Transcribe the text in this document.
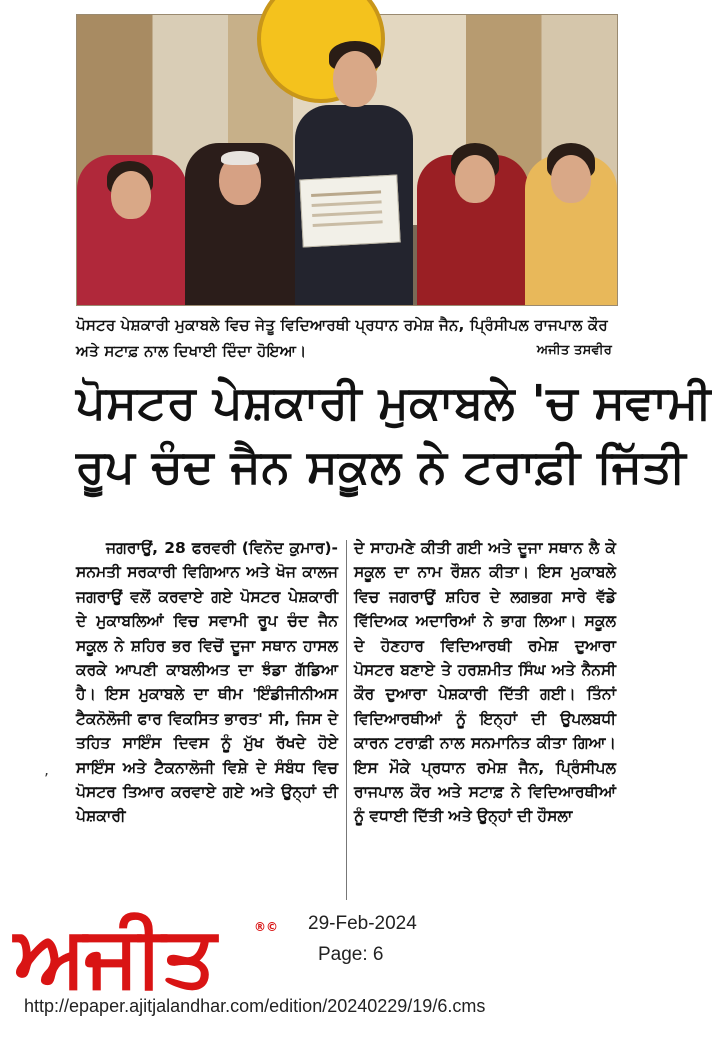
ਪੋਸਟਰ ਪੇਸ਼ਕਾਰੀ ਮੁਕਾਬਲੇ ਵਿਚ ਜੇਤੂ ਵਿਦਿਆਰਥੀ ਪ੍ਰਧਾਨ ਰਮੇਸ਼ ਜੈਨ, ਪ੍ਰਿੰਸੀਪਲ ਰਾਜਪਾਲ ਕੌਰ ਅਤੇ ਸਟਾਫ਼ ਨਾਲ ਦਿਖਾਈ ਦਿੰਦਾ ਹੋਇਆ।	ਅਜੀਤ ਤਸਵੀਰ
ਪੋਸਟਰ ਪੇਸ਼ਕਾਰੀ ਮੁਕਾਬਲੇ 'ਚ ਸਵਾਮੀ
ਰੂਪ ਚੰਦ ਜੈਨ ਸਕੂਲ ਨੇ ਟਰਾਫ਼ੀ ਜਿੱਤੀ
ਜਗਰਾਉਂ, 28 ਫਰਵਰੀ (ਵਿਨੋਦ ਕੁਮਾਰ)-ਸਨਮਤੀ ਸਰਕਾਰੀ ਵਿਗਿਆਨ ਅਤੇ ਖੋਜ ਕਾਲਜ ਜਗਰਾਉਂ ਵਲੋਂ ਕਰਵਾਏ ਗਏ ਪੋਸਟਰ ਪੇਸ਼ਕਾਰੀ ਦੇ ਮੁਕਾਬਲਿਆਂ ਵਿਚ ਸਵਾਮੀ ਰੂਪ ਚੰਦ ਜੈਨ ਸਕੂਲ ਨੇ ਸ਼ਹਿਰ ਭਰ ਵਿਚੋਂ ਦੂਜਾ ਸਥਾਨ ਹਾਸਲ ਕਰਕੇ ਆਪਣੀ ਕਾਬਲੀਅਤ ਦਾ ਝੰਡਾ ਗੱਡਿਆ ਹੈ। ਇਸ ਮੁਕਾਬਲੇ ਦਾ ਥੀਮ 'ਇੰਡੀਜੀਨੀਅਸ ਟੈਕਨੋਲੋਜੀ ਫਾਰ ਵਿਕਸਿਤ ਭਾਰਤ' ਸੀ, ਜਿਸ ਦੇ ਤਹਿਤ ਸਾਇੰਸ ਦਿਵਸ ਨੂੰ ਮੁੱਖ ਰੱਖਦੇ ਹੋਏ ਸਾਇੰਸ ਅਤੇ ਟੈਕਨਾਲੋਜੀ ਵਿਸ਼ੇ ਦੇ ਸੰਬੰਧ ਵਿਚ ਪੋਸਟਰ ਤਿਆਰ ਕਰਵਾਏ ਗਏ ਅਤੇ ਉਨ੍ਹਾਂ ਦੀ ਪੇਸ਼ਕਾਰੀ
ਦੇ ਸਾਹਮਣੇ ਕੀਤੀ ਗਈ ਅਤੇ ਦੂਜਾ ਸਥਾਨ ਲੈ ਕੇ ਸਕੂਲ ਦਾ ਨਾਮ ਰੌਸ਼ਨ ਕੀਤਾ। ਇਸ ਮੁਕਾਬਲੇ ਵਿਚ ਜਗਰਾਉਂ ਸ਼ਹਿਰ ਦੇ ਲਗਭਗ ਸਾਰੇ ਵੱਡੇ ਵਿੱਦਿਅਕ ਅਦਾਰਿਆਂ ਨੇ ਭਾਗ ਲਿਆ। ਸਕੂਲ ਦੇ ਹੋਣਹਾਰ ਵਿਦਿਆਰਥੀ ਰਮੇਸ਼ ਦੁਆਰਾ ਪੋਸਟਰ ਬਣਾਏ ਤੇ ਹਰਸ਼ਮੀਤ ਸਿੰਘ ਅਤੇ ਨੈਨਸੀ ਕੌਰ ਦੁਆਰਾ ਪੇਸ਼ਕਾਰੀ ਦਿੱਤੀ ਗਈ। ਤਿੰਨਾਂ ਵਿਦਿਆਰਥੀਆਂ ਨੂੰ ਇਨ੍ਹਾਂ ਦੀ ਉਪਲਬਧੀ ਕਾਰਨ ਟਰਾਫ਼ੀ ਨਾਲ ਸਨਮਾਨਿਤ ਕੀਤਾ ਗਿਆ। ਇਸ ਮੌਕੇ ਪ੍ਰਧਾਨ ਰਮੇਸ਼ ਜੈਨ, ਪ੍ਰਿੰਸੀਪਲ ਰਾਜਪਾਲ ਕੌਰ ਅਤੇ ਸਟਾਫ਼ ਨੇ ਵਿਦਿਆਰਥੀਆਂ ਨੂੰ ਵਧਾਈ ਦਿੱਤੀ ਅਤੇ ਉਨ੍ਹਾਂ ਦੀ ਹੌਸਲਾ
ʼ
ਅਜੀਤ	®© 29-Feb-2024
Page: 6
http://epaper.ajitjalandhar.com/edition/20240229/19/6.cms
